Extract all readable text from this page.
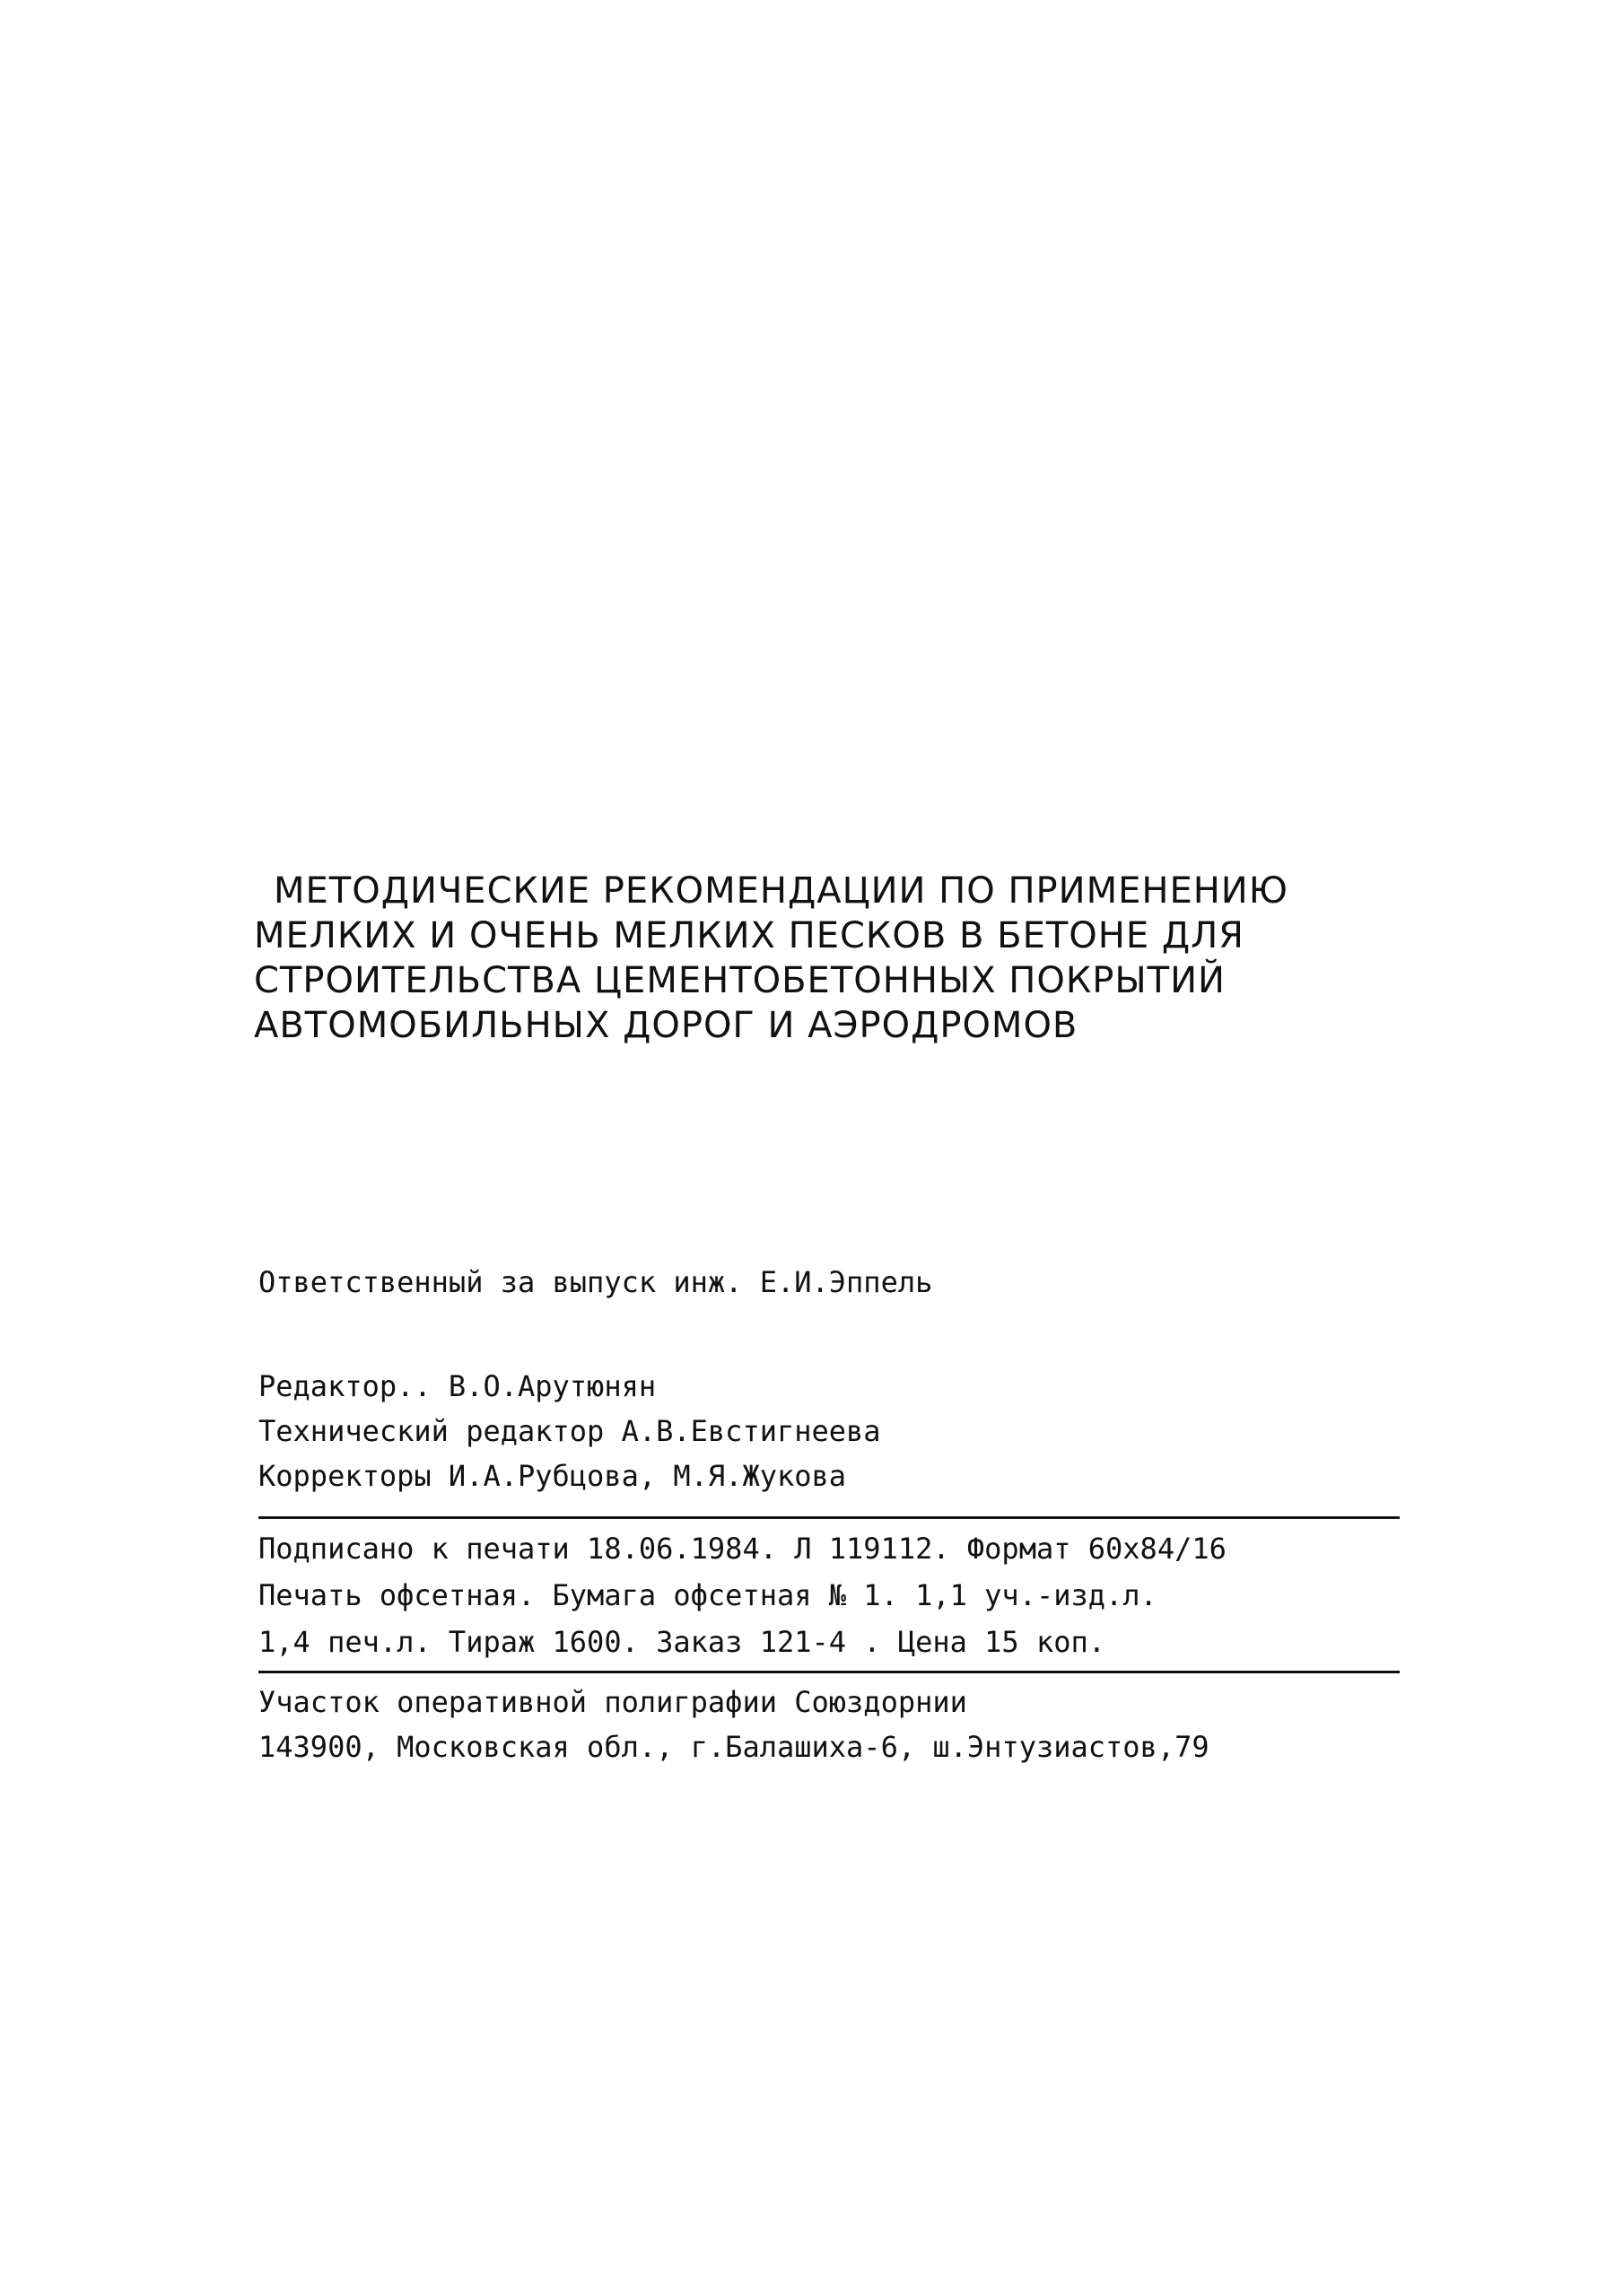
МЕТОДИЧЕСКИЕ РЕКОМЕНДАЦИИ ПО ПРИМЕНЕНИЮ
МЕЛКИХ И ОЧЕНЬ МЕЛКИХ ПЕСКОВ В БЕТОНЕ ДЛЯ
СТРОИТЕЛЬСТВА ЦЕМЕНТОБЕТОННЫХ ПОКРЫТИЙ
АВТОМОБИЛЬНЫХ ДОРОГ И АЭРОДРОМОВ
Ответственный за выпуск инж. Е.И.Эппель
Редактор.. В.О.Арутюнян
Технический редактор А.В.Евстигнеева
Корректоры И.А.Рубцова, М.Я.Жукова
Подписано к печати 18.06.1984. Л 119112. Формат 60x84/16
Печать офсетная. Бумага офсетная № 1. 1,1 уч.-изд.л.
1,4 печ.л. Тираж 1600. Заказ 121-4 . Цена 15 коп.
Участок оперативной полиграфии Союздорнии
143900, Московская обл., г.Балашиха-6, ш.Энтузиастов,79
